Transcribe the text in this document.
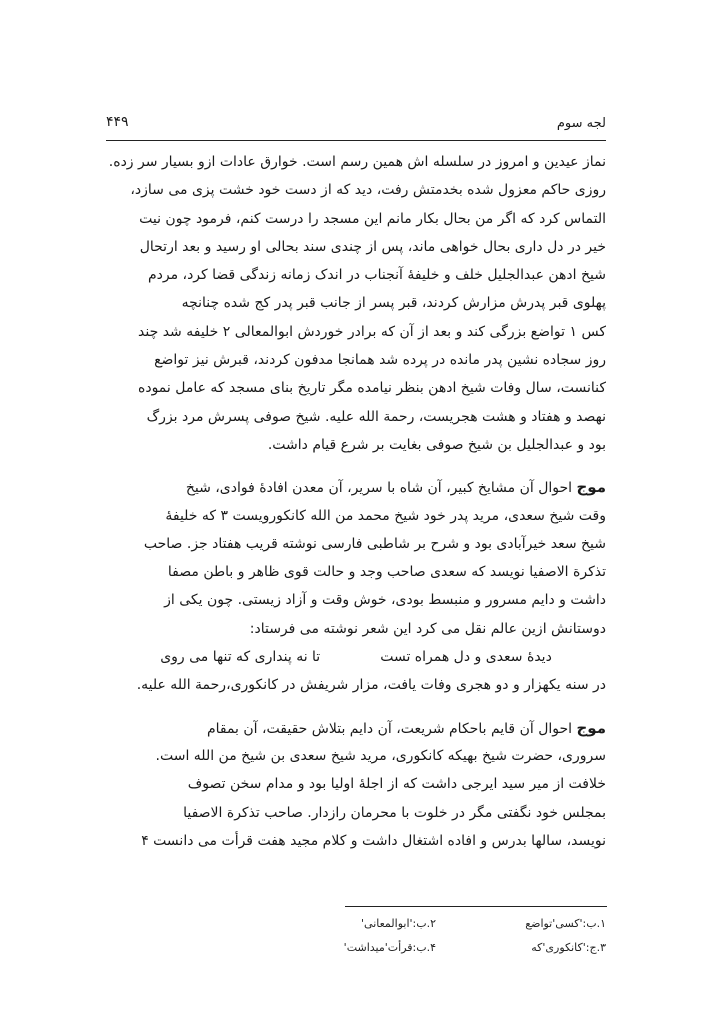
لجه سوم
۴۴۹
نماز عیدین و امروز در سلسله اش همین رسم است. خوارق عادات ازو بسیار سر زده.
روزی حاکم معزول شده بخدمتش رفت، دید که از دست خود خشت پزی می سازد،
التماس کرد که اگر من بحال بکار مانم این مسجد را درست کنم، فرمود چون نیت
خیر در دل داری بحال خواهی ماند، پس از چندی سند بحالی او رسید و بعد ارتحال
شیخ ادهن عبدالجلیل خلف و خلیفۀ آنجناب در اندک زمانه زندگی قضا کرد، مردم
پهلوی قبر پدرش مزارش کردند، قبر پسر از جانب قبر پدر کج شده چنانچه
کس ۱ تواضع بزرگی کند و بعد از آن که برادر خوردش ابوالمعالی ۲ خلیفه شد چند
روز سجاده نشین پدر مانده در پرده شد همانجا مدفون کردند، قبرش نیز تواضع
کنانست، سال وفات شیخ ادهن بنظر نیامده مگر تاریخ بنای مسجد که عامل نموده
نهصد و هفتاد و هشت هجریست، رحمة الله علیه. شیخ صوفی پسرش مرد بزرگ
بود و عبدالجلیل بن شیخ صوفی بغایت بر شرع قیام داشت.
موج احوال آن مشایخ کبیر، آن شاه با سریر، آن معدن افادۀ فوادی، شیخ
وقت شیخ سعدی، مرید پدر خود شیخ محمد من الله کانکورویست ۳ که خلیفۀ
شیخ سعد خیرآبادی بود و شرح بر شاطبی فارسی نوشته قریب هفتاد جز. صاحب
تذکرة الاصفیا نویسد که سعدی صاحب وجد و حالت قوی ظاهر و باطن مصفا
داشت و دایم مسرور و منبسط بودی، خوش وقت و آزاد زیستی. چون یکی از
دوستانش ازین عالم نقل می کرد این شعر نوشته می فرستاد:
دیدۀ سعدی و دل همراه تست
تا نه پنداری که تنها می روی
در سنه یکهزار و دو هجری وفات یافت، مزار شریفش در کانکوری،رحمة الله علیه.
موج احوال آن قایم باحکام شریعت، آن دایم بتلاش حقیقت، آن بمقام
سروری، حضرت شیخ بهیکه کانکوری، مرید شیخ سعدی بن شیخ من الله است.
خلافت از میر سید ایرجی داشت که از اجلۀ اولیا بود و مدام سخن تصوف
بمجلس خود نگفتی مگر در خلوت با محرمان رازدار. صاحب تذکرة الاصفیا
نویسد، سالها بدرس و افاده اشتغال داشت و کلام مجید هفت قرأت می دانست ۴
۱.ب:'کسی'تواضع
۲.ب:'ابوالمعانی'
۳.ج:'کانکوری'که
۴.ب:قرأت'میداشت'
